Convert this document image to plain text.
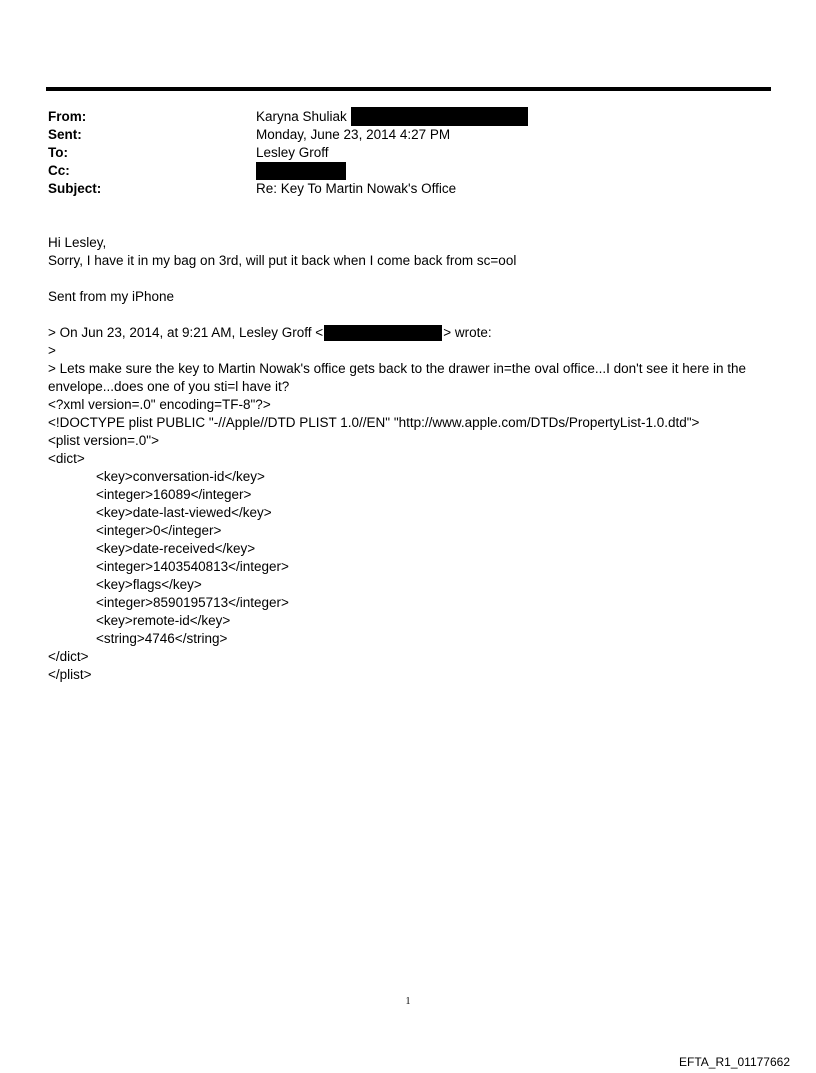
From:	Karyna Shuliak
Sent:	Monday, June 23, 2014 4:27 PM
To:	Lesley Groff
Cc:
Subject:	Re: Key To Martin Nowak's Office
Hi Lesley,
Sorry, I have it in my bag on 3rd, will put it back when I come back from sc=ool
Sent from my iPhone
> On Jun 23, 2014, at 9:21 AM, Lesley Groff <	> wrote:
>
> Lets make sure the key to Martin Nowak's office gets back to the drawer in=the oval office...I don't see it here in the envelope...does one of you sti=l have it?
<?xml version=.0" encoding=TF-8"?>
<!DOCTYPE plist PUBLIC "-//Apple//DTD PLIST 1.0//EN" "http://www.apple.com/DTDs/PropertyList-1.0.dtd">
<plist version=.0">
<dict>
<key>conversation-id</key>
<integer>16089</integer>
<key>date-last-viewed</key>
<integer>0</integer>
<key>date-received</key>
<integer>1403540813</integer>
<key>flags</key>
<integer>8590195713</integer>
<key>remote-id</key>
<string>4746</string>
</dict>
</plist>
1
EFTA_R1_01177662
